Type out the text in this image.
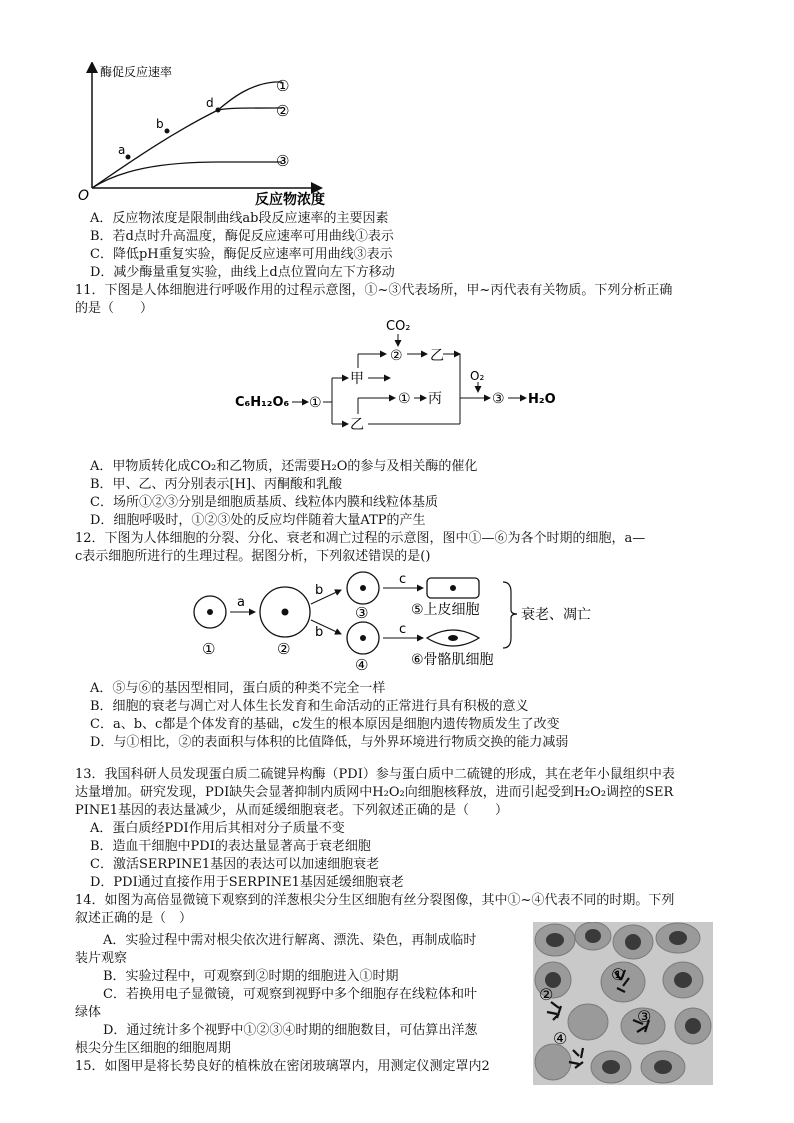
酶促反应速率
O	反应物浓度
a
b
d
①
②
③
A．反应物浓度是限制曲线ab段反应速率的主要因素
B．若d点时升高温度，酶促反应速率可用曲线①表示
C．降低pH重复实验，酶促反应速率可用曲线③表示
D．减少酶量重复实验，曲线上d点位置向左下方移动
11．下图是人体细胞进行呼吸作用的过程示意图，①~③代表场所，甲~丙代表有关物质。下列分析正确
的是（　　）
CO₂
②
C₆H₁₂O₆ ①
甲
乙
乙
① 丙
O₂
③ H₂O
A．甲物质转化成CO₂和乙物质，还需要H₂O的参与及相关酶的催化
B．甲、乙、丙分别表示[H]、丙酮酸和乳酸
C．场所①②③分别是细胞质基质、线粒体内膜和线粒体基质
D．细胞呼吸时，①②③处的反应均伴随着大量ATP的产生
12．下图为人体细胞的分裂、分化、衰老和凋亡过程的示意图，图中①—⑥为各个时期的细胞，a—
c表示细胞所进行的生理过程。据图分析，下列叙述错误的是()
①
a
②
b
b
③
④
c
c
⑤上皮细胞
⑥骨骼肌细胞
衰老、凋亡
A．⑤与⑥的基因型相同，蛋白质的种类不完全一样
B．细胞的衰老与凋亡对人体生长发育和生命活动的正常进行具有积极的意义
C．a、b、c都是个体发育的基础，c发生的根本原因是细胞内遗传物质发生了改变
D．与①相比，②的表面积与体积的比值降低，与外界环境进行物质交换的能力减弱
13．我国科研人员发现蛋白质二硫键异构酶（PDI）参与蛋白质中二硫键的形成，其在老年小鼠组织中表
达量增加。研究发现，PDI缺失会显著抑制内质网中H₂O₂向细胞核释放，进而引起受到H₂O₂调控的SER
PINE1基因的表达量减少，从而延缓细胞衰老。下列叙述正确的是（　　）
A．蛋白质经PDI作用后其相对分子质量不变
B．造血干细胞中PDI的表达量显著高于衰老细胞
C．激活SERPINE1基因的表达可以加速细胞衰老
D．PDI通过直接作用于SERPINE1基因延缓细胞衰老
14．如图为高倍显微镜下观察到的洋葱根尖分生区细胞有丝分裂图像，其中①~④代表不同的时期。下列
叙述正确的是（　）
A．实验过程中需对根尖依次进行解离、漂洗、染色，再制成临时
装片观察
B．实验过程中，可观察到②时期的细胞进入①时期
C．若换用电子显微镜，可观察到视野中多个细胞存在线粒体和叶
绿体
D．通过统计多个视野中①②③④时期的细胞数目，可估算出洋葱
根尖分生区细胞的细胞周期
①
②
③
④
15．如图甲是将长势良好的植株放在密闭玻璃罩内，用测定仪测定罩内2
